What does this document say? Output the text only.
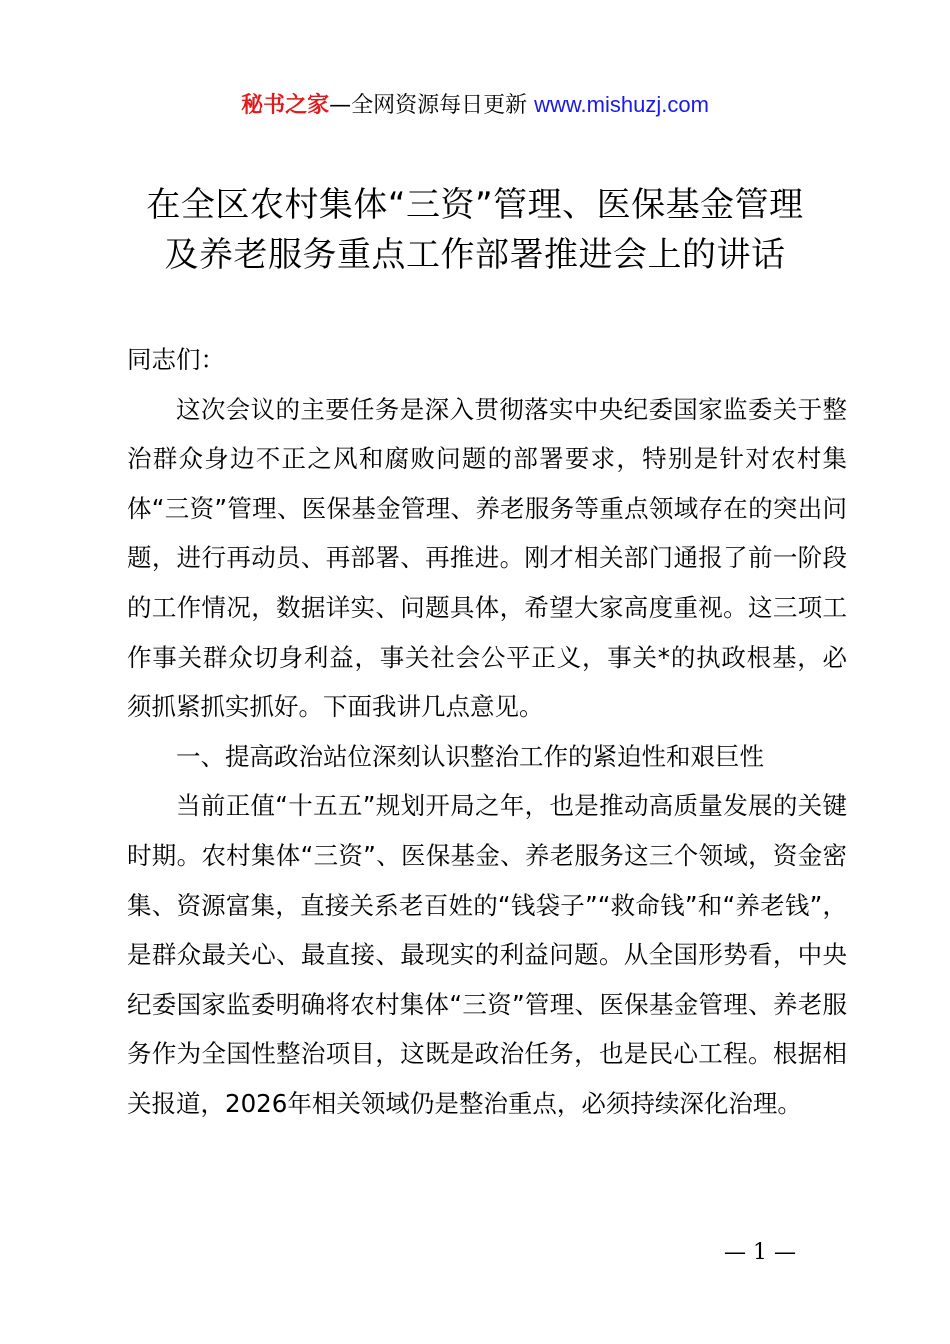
秘书之家—全网资源每日更新 www.mishuzj.com
在全区农村集体“三资”管理、医保基金管理
及养老服务重点工作部署推进会上的讲话

同志们：

这次会议的主要任务是深入贯彻落实中央纪委国家监委关于整治群众身边不正之风和腐败问题的部署要求，特别是针对农村集体“三资”管理、医保基金管理、养老服务等重点领域存在的突出问题，进行再动员、再部署、再推进。刚才相关部门通报了前一阶段的工作情况，数据详实、问题具体，希望大家高度重视。这三项工作事关群众切身利益，事关社会公平正义，事关*的执政根基，必须抓紧抓实抓好。下面我讲几点意见。

一、提高政治站位深刻认识整治工作的紧迫性和艰巨性

当前正值“十五五”规划开局之年，也是推动高质量发展的关键时期。农村集体“三资”、医保基金、养老服务这三个领域，资金密集、资源富集，直接关系老百姓的“钱袋子”“救命钱”和“养老钱”，是群众最关心、最直接、最现实的利益问题。从全国形势看，中央纪委国家监委明确将农村集体“三资”管理、医保基金管理、养老服务作为全国性整治项目，这既是政治任务，也是民心工程。根据相关报道，2026年相关领域仍是整治重点，必须持续深化治理。

— 1 —
